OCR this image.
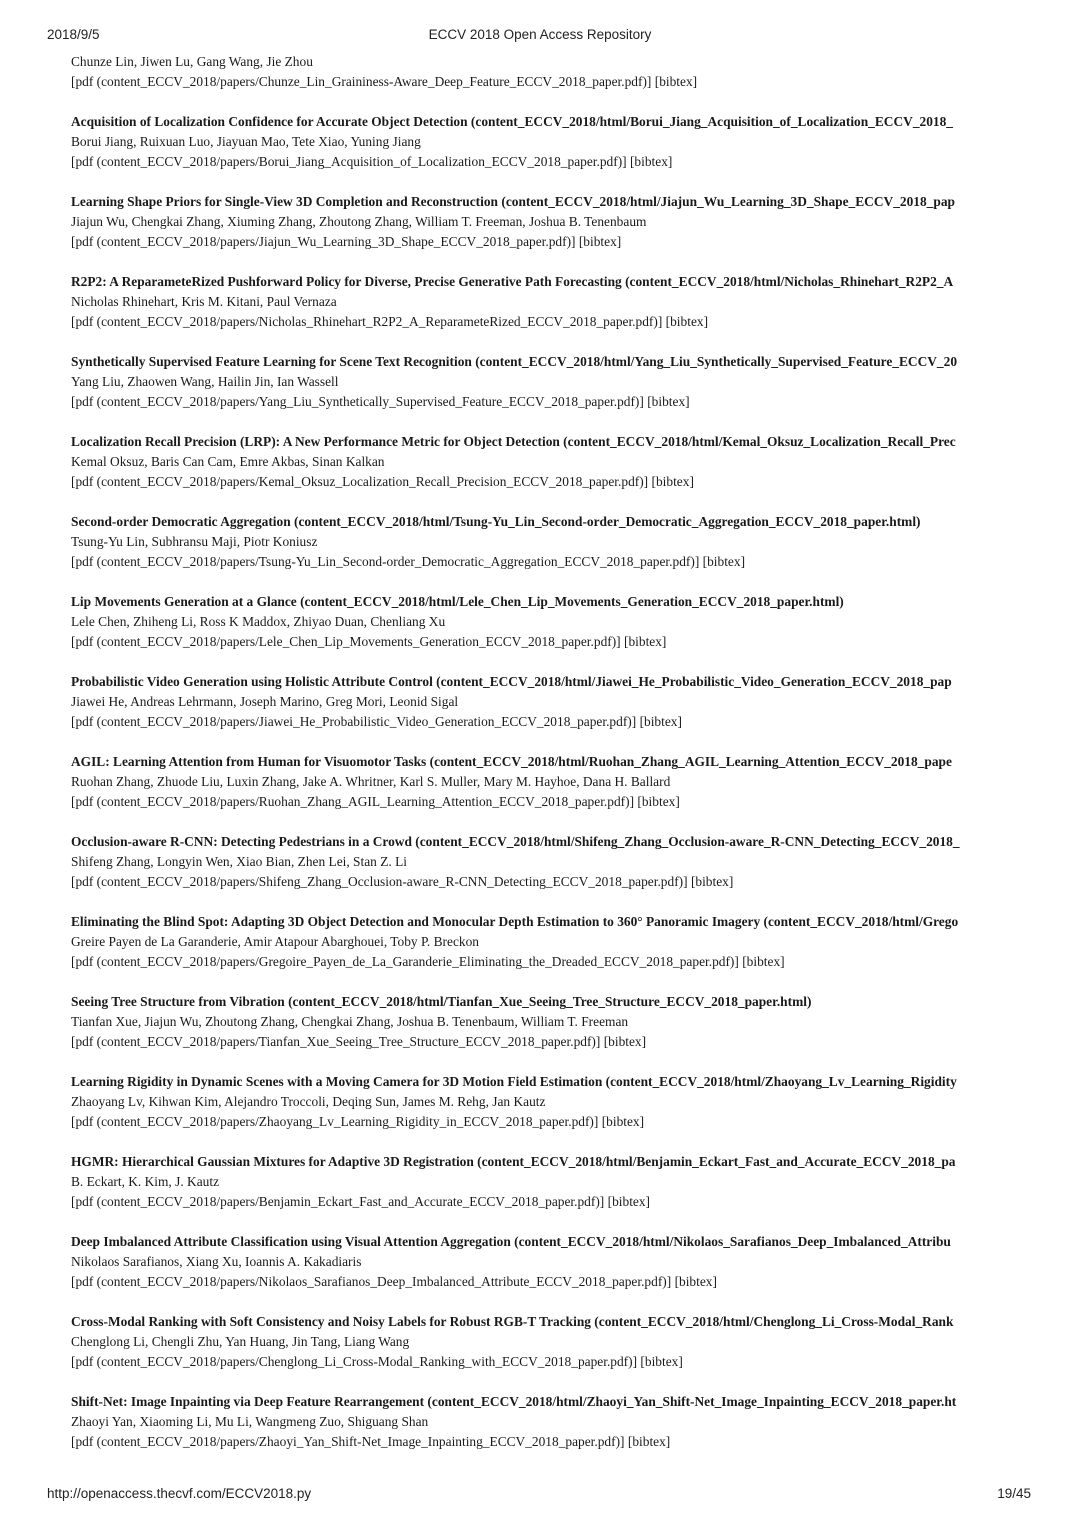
2018/9/5	ECCV 2018 Open Access Repository
Chunze Lin, Jiwen Lu, Gang Wang, Jie Zhou
[pdf (content_ECCV_2018/papers/Chunze_Lin_Graininess-Aware_Deep_Feature_ECCV_2018_paper.pdf)] [bibtex]
Acquisition of Localization Confidence for Accurate Object Detection (content_ECCV_2018/html/Borui_Jiang_Acquisition_of_Localization_ECCV_2018_
Borui Jiang, Ruixuan Luo, Jiayuan Mao, Tete Xiao, Yuning Jiang
[pdf (content_ECCV_2018/papers/Borui_Jiang_Acquisition_of_Localization_ECCV_2018_paper.pdf)] [bibtex]
Learning Shape Priors for Single-View 3D Completion and Reconstruction (content_ECCV_2018/html/Jiajun_Wu_Learning_3D_Shape_ECCV_2018_pap
Jiajun Wu, Chengkai Zhang, Xiuming Zhang, Zhoutong Zhang, William T. Freeman, Joshua B. Tenenbaum
[pdf (content_ECCV_2018/papers/Jiajun_Wu_Learning_3D_Shape_ECCV_2018_paper.pdf)] [bibtex]
R2P2: A ReparameteRized Pushforward Policy for Diverse, Precise Generative Path Forecasting (content_ECCV_2018/html/Nicholas_Rhinehart_R2P2_A
Nicholas Rhinehart, Kris M. Kitani, Paul Vernaza
[pdf (content_ECCV_2018/papers/Nicholas_Rhinehart_R2P2_A_ReparameteRized_ECCV_2018_paper.pdf)] [bibtex]
Synthetically Supervised Feature Learning for Scene Text Recognition (content_ECCV_2018/html/Yang_Liu_Synthetically_Supervised_Feature_ECCV_20
Yang Liu, Zhaowen Wang, Hailin Jin, Ian Wassell
[pdf (content_ECCV_2018/papers/Yang_Liu_Synthetically_Supervised_Feature_ECCV_2018_paper.pdf)] [bibtex]
Localization Recall Precision (LRP): A New Performance Metric for Object Detection (content_ECCV_2018/html/Kemal_Oksuz_Localization_Recall_Prec
Kemal Oksuz, Baris Can Cam, Emre Akbas, Sinan Kalkan
[pdf (content_ECCV_2018/papers/Kemal_Oksuz_Localization_Recall_Precision_ECCV_2018_paper.pdf)] [bibtex]
Second-order Democratic Aggregation (content_ECCV_2018/html/Tsung-Yu_Lin_Second-order_Democratic_Aggregation_ECCV_2018_paper.html)
Tsung-Yu Lin, Subhransu Maji, Piotr Koniusz
[pdf (content_ECCV_2018/papers/Tsung-Yu_Lin_Second-order_Democratic_Aggregation_ECCV_2018_paper.pdf)] [bibtex]
Lip Movements Generation at a Glance (content_ECCV_2018/html/Lele_Chen_Lip_Movements_Generation_ECCV_2018_paper.html)
Lele Chen, Zhiheng Li, Ross K Maddox, Zhiyao Duan, Chenliang Xu
[pdf (content_ECCV_2018/papers/Lele_Chen_Lip_Movements_Generation_ECCV_2018_paper.pdf)] [bibtex]
Probabilistic Video Generation using Holistic Attribute Control (content_ECCV_2018/html/Jiawei_He_Probabilistic_Video_Generation_ECCV_2018_pap
Jiawei He, Andreas Lehrmann, Joseph Marino, Greg Mori, Leonid Sigal
[pdf (content_ECCV_2018/papers/Jiawei_He_Probabilistic_Video_Generation_ECCV_2018_paper.pdf)] [bibtex]
AGIL: Learning Attention from Human for Visuomotor Tasks (content_ECCV_2018/html/Ruohan_Zhang_AGIL_Learning_Attention_ECCV_2018_pape
Ruohan Zhang, Zhuode Liu, Luxin Zhang, Jake A. Whritner, Karl S. Muller, Mary M. Hayhoe, Dana H. Ballard
[pdf (content_ECCV_2018/papers/Ruohan_Zhang_AGIL_Learning_Attention_ECCV_2018_paper.pdf)] [bibtex]
Occlusion-aware R-CNN: Detecting Pedestrians in a Crowd (content_ECCV_2018/html/Shifeng_Zhang_Occlusion-aware_R-CNN_Detecting_ECCV_2018_
Shifeng Zhang, Longyin Wen, Xiao Bian, Zhen Lei, Stan Z. Li
[pdf (content_ECCV_2018/papers/Shifeng_Zhang_Occlusion-aware_R-CNN_Detecting_ECCV_2018_paper.pdf)] [bibtex]
Eliminating the Blind Spot: Adapting 3D Object Detection and Monocular Depth Estimation to 360° Panoramic Imagery (content_ECCV_2018/html/Grego
Greire Payen de La Garanderie, Amir Atapour Abarghouei, Toby P. Breckon
[pdf (content_ECCV_2018/papers/Gregoire_Payen_de_La_Garanderie_Eliminating_the_Dreaded_ECCV_2018_paper.pdf)] [bibtex]
Seeing Tree Structure from Vibration (content_ECCV_2018/html/Tianfan_Xue_Seeing_Tree_Structure_ECCV_2018_paper.html)
Tianfan Xue, Jiajun Wu, Zhoutong Zhang, Chengkai Zhang, Joshua B. Tenenbaum, William T. Freeman
[pdf (content_ECCV_2018/papers/Tianfan_Xue_Seeing_Tree_Structure_ECCV_2018_paper.pdf)] [bibtex]
Learning Rigidity in Dynamic Scenes with a Moving Camera for 3D Motion Field Estimation (content_ECCV_2018/html/Zhaoyang_Lv_Learning_Rigidity
Zhaoyang Lv, Kihwan Kim, Alejandro Troccoli, Deqing Sun, James M. Rehg, Jan Kautz
[pdf (content_ECCV_2018/papers/Zhaoyang_Lv_Learning_Rigidity_in_ECCV_2018_paper.pdf)] [bibtex]
HGMR: Hierarchical Gaussian Mixtures for Adaptive 3D Registration (content_ECCV_2018/html/Benjamin_Eckart_Fast_and_Accurate_ECCV_2018_pa
B. Eckart, K. Kim, J. Kautz
[pdf (content_ECCV_2018/papers/Benjamin_Eckart_Fast_and_Accurate_ECCV_2018_paper.pdf)] [bibtex]
Deep Imbalanced Attribute Classification using Visual Attention Aggregation (content_ECCV_2018/html/Nikolaos_Sarafianos_Deep_Imbalanced_Attribu
Nikolaos Sarafianos, Xiang Xu, Ioannis A. Kakadiaris
[pdf (content_ECCV_2018/papers/Nikolaos_Sarafianos_Deep_Imbalanced_Attribute_ECCV_2018_paper.pdf)] [bibtex]
Cross-Modal Ranking with Soft Consistency and Noisy Labels for Robust RGB-T Tracking (content_ECCV_2018/html/Chenglong_Li_Cross-Modal_Rank
Chenglong Li, Chengli Zhu, Yan Huang, Jin Tang, Liang Wang
[pdf (content_ECCV_2018/papers/Chenglong_Li_Cross-Modal_Ranking_with_ECCV_2018_paper.pdf)] [bibtex]
Shift-Net: Image Inpainting via Deep Feature Rearrangement (content_ECCV_2018/html/Zhaoyi_Yan_Shift-Net_Image_Inpainting_ECCV_2018_paper.ht
Zhaoyi Yan, Xiaoming Li, Mu Li, Wangmeng Zuo, Shiguang Shan
[pdf (content_ECCV_2018/papers/Zhaoyi_Yan_Shift-Net_Image_Inpainting_ECCV_2018_paper.pdf)] [bibtex]
http://openaccess.thecvf.com/ECCV2018.py	19/45
